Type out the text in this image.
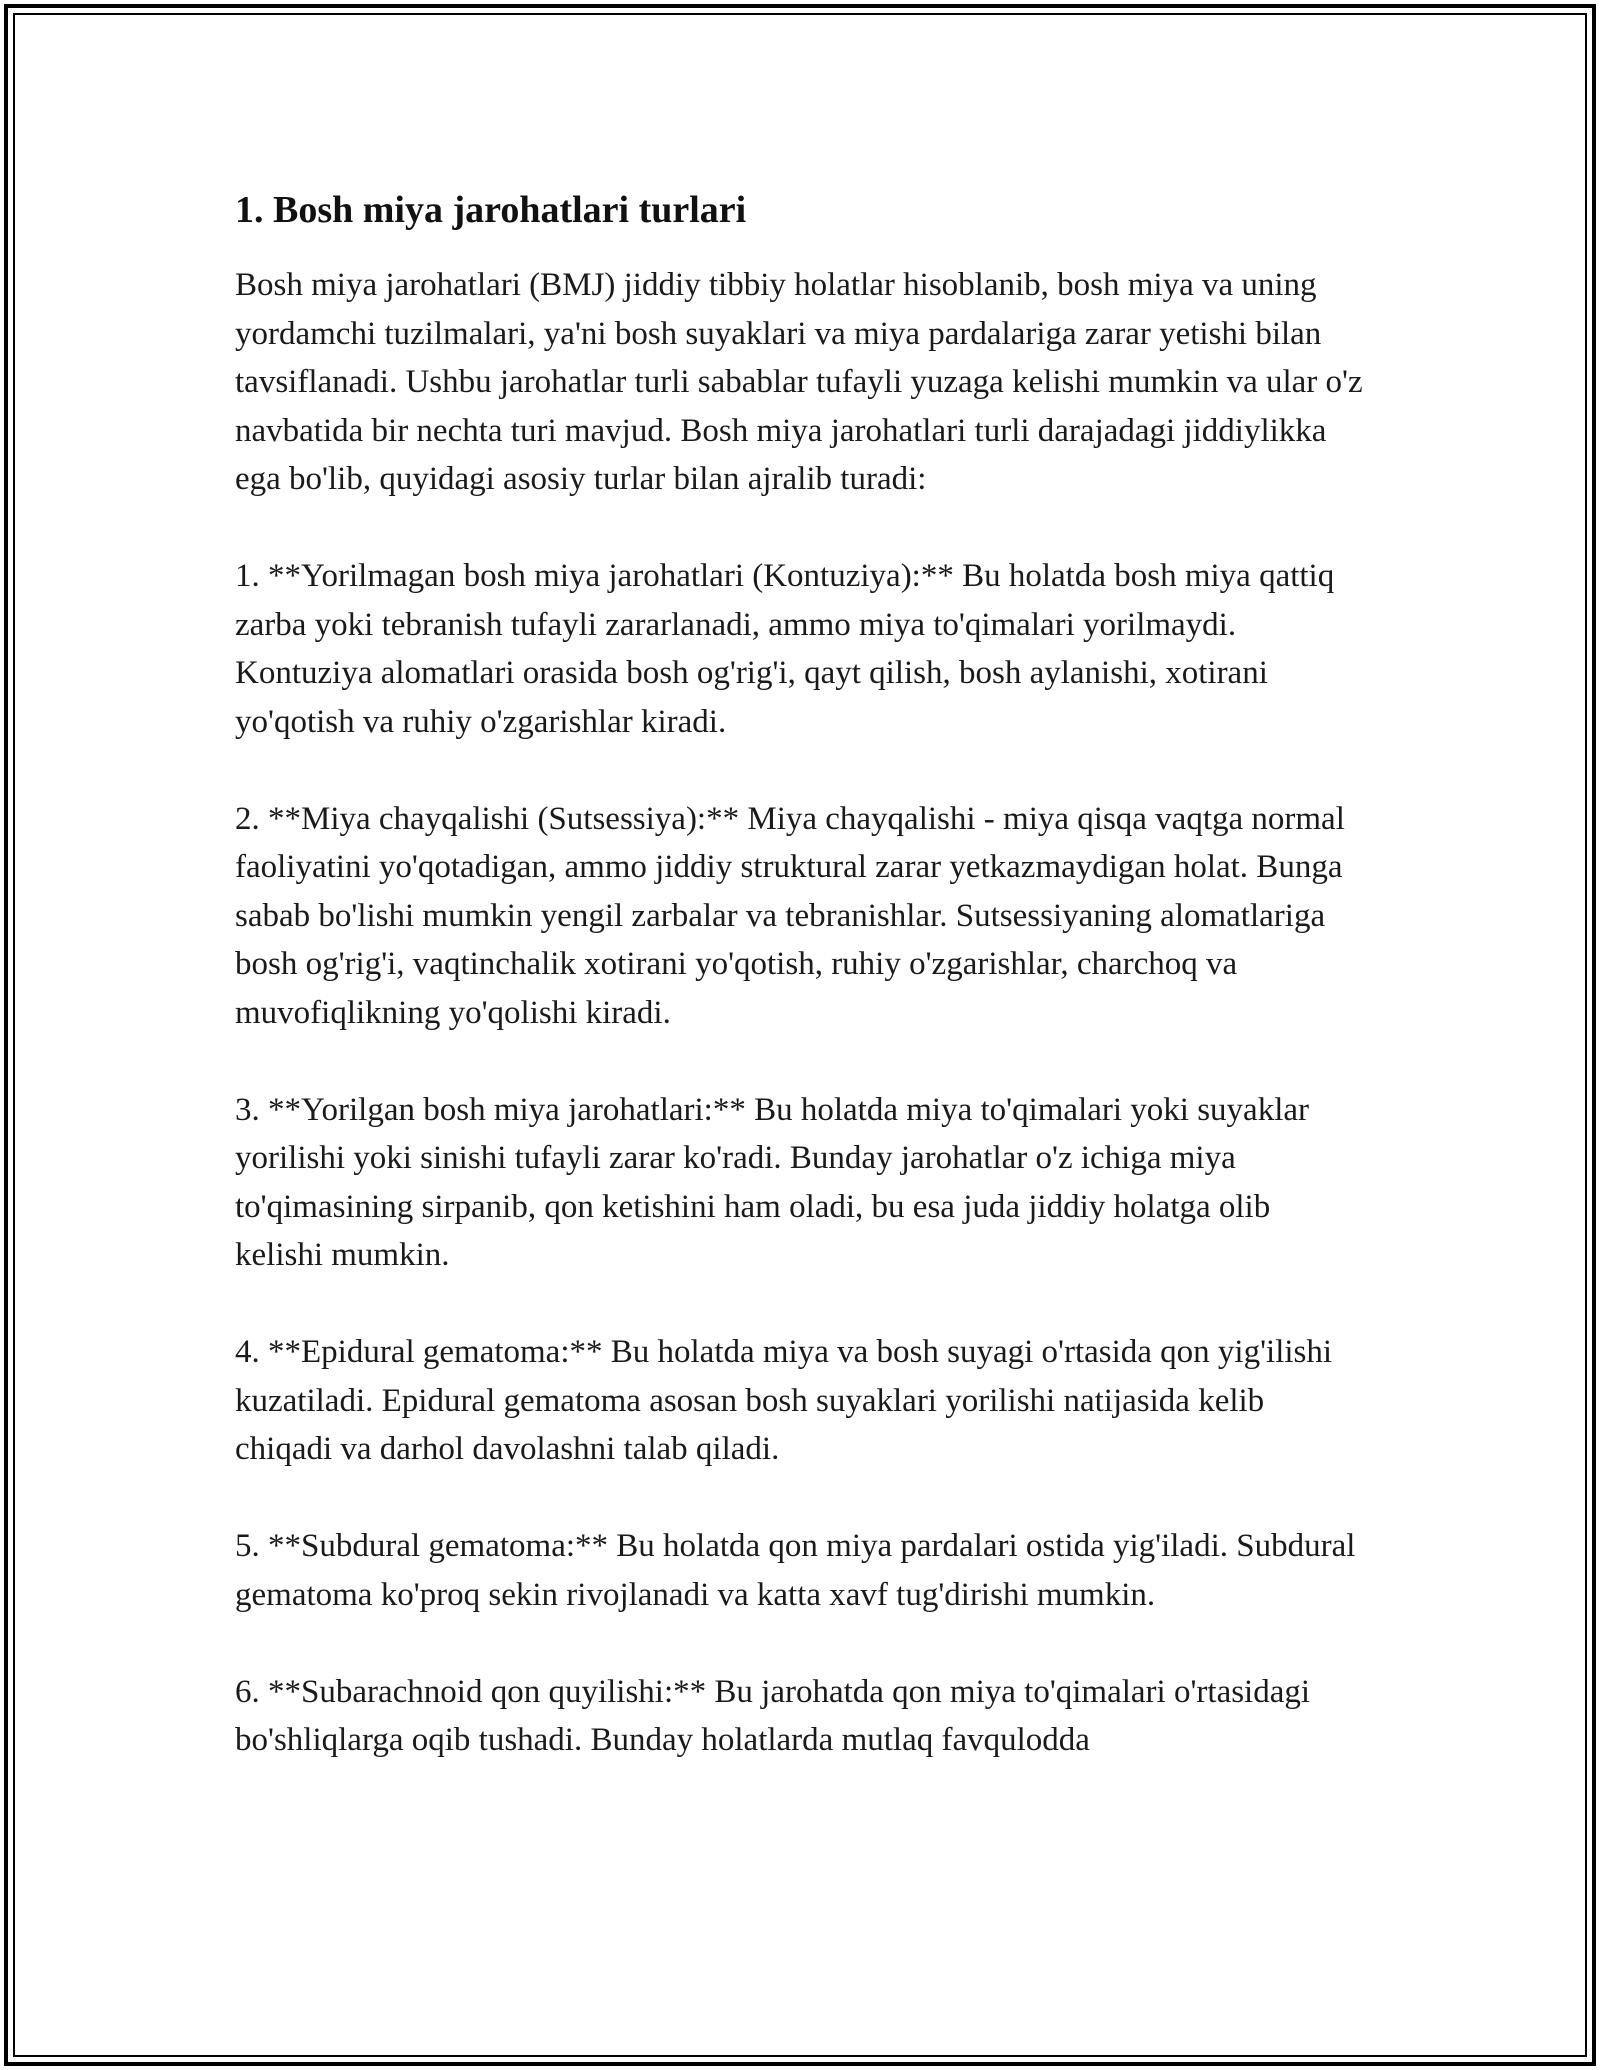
1. Bosh miya jarohatlari turlari

Bosh miya jarohatlari (BMJ) jiddiy tibbiy holatlar hisoblanib, bosh miya va uning yordamchi tuzilmalari, ya'ni bosh suyaklari va miya pardalariga zarar yetishi bilan tavsiflanadi. Ushbu jarohatlar turli sabablar tufayli yuzaga kelishi mumkin va ular o'z navbatida bir nechta turi mavjud. Bosh miya jarohatlari turli darajadagi jiddiylikka ega bo'lib, quyidagi asosiy turlar bilan ajralib turadi:

1. **Yorilmagan bosh miya jarohatlari (Kontuziya):** Bu holatda bosh miya qattiq zarba yoki tebranish tufayli zararlanadi, ammo miya to'qimalari yorilmaydi. Kontuziya alomatlari orasida bosh og'rig'i, qayt qilish, bosh aylanishi, xotirani yo'qotish va ruhiy o'zgarishlar kiradi.

2. **Miya chayqalishi (Sutsessiya):** Miya chayqalishi - miya qisqa vaqtga normal faoliyatini yo'qotadigan, ammo jiddiy struktural zarar yetkazmaydigan holat. Bunga sabab bo'lishi mumkin yengil zarbalar va tebranishlar. Sutsessiyaning alomatlariga bosh og'rig'i, vaqtinchalik xotirani yo'qotish, ruhiy o'zgarishlar, charchoq va muvofiqlikning yo'qolishi kiradi.

3. **Yorilgan bosh miya jarohatlari:** Bu holatda miya to'qimalari yoki suyaklar yorilishi yoki sinishi tufayli zarar ko'radi. Bunday jarohatlar o'z ichiga miya to'qimasining sirpanib, qon ketishini ham oladi, bu esa juda jiddiy holatga olib kelishi mumkin.

4. **Epidural gematoma:** Bu holatda miya va bosh suyagi o'rtasida qon yig'ilishi kuzatiladi. Epidural gematoma asosan bosh suyaklari yorilishi natijasida kelib chiqadi va darhol davolashni talab qiladi.

5. **Subdural gematoma:** Bu holatda qon miya pardalari ostida yig'iladi. Subdural gematoma ko'proq sekin rivojlanadi va katta xavf tug'dirishi mumkin.

6. **Subarachnoid qon quyilishi:** Bu jarohatda qon miya to'qimalari o'rtasidagi bo'shliqlarga oqib tushadi. Bunday holatlarda mutlaq favqulodda
